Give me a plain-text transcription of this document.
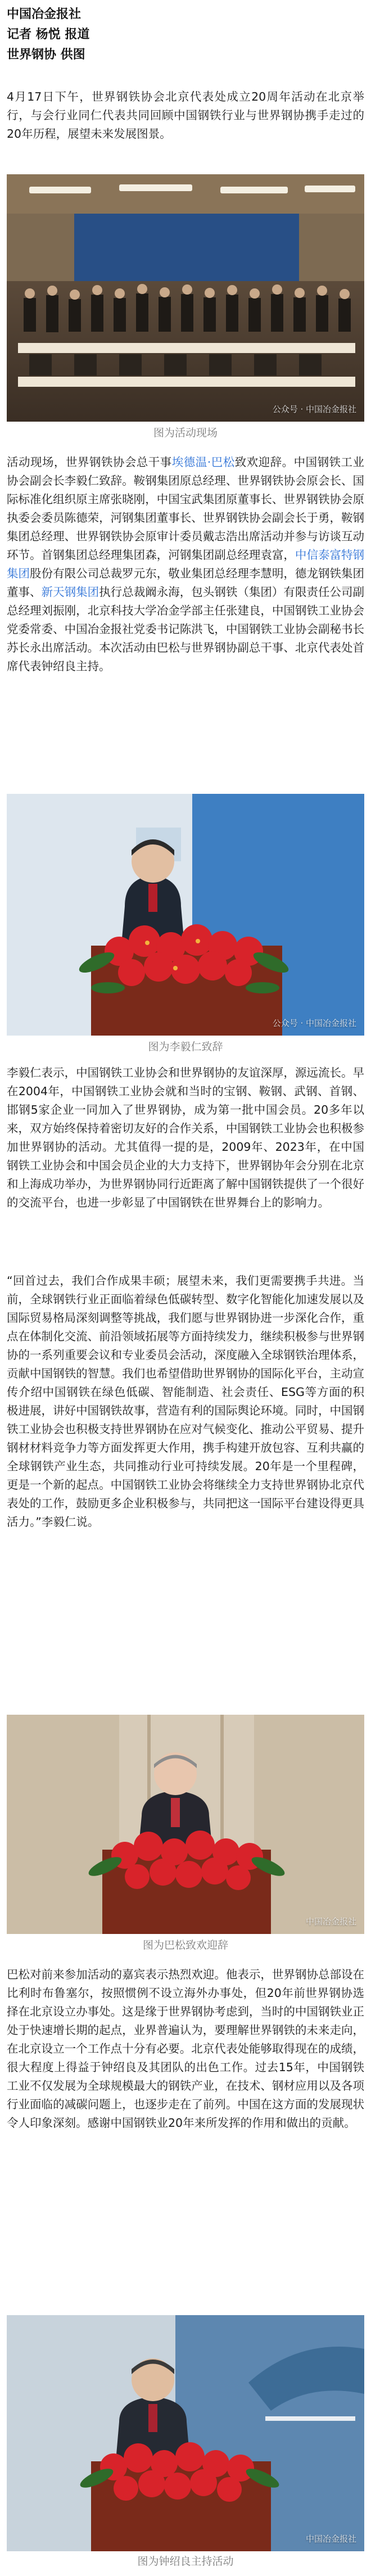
中国冶金报社
记者 杨悦 报道
世界钢协 供图

4月17日下午，世界钢铁协会北京代表处成立20周年活动在北京举行，与会行业同仁代表共同回顾中国钢铁行业与世界钢协携手走过的20年历程，展望未来发展图景。

公众号 · 中国冶金报社
图为活动现场

活动现场，世界钢铁协会总干事埃德温·巴松致欢迎辞。中国钢铁工业协会副会长李毅仁致辞。鞍钢集团原总经理、世界钢铁协会原会长、国际标准化组织原主席张晓刚，中国宝武集团原董事长、世界钢铁协会原执委会委员陈德荣，河钢集团董事长、世界钢铁协会副会长于勇，鞍钢集团总经理、世界钢铁协会原审计委员戴志浩出席活动并参与访谈互动环节。首钢集团总经理集团森，河钢集团副总经理袁富，中信泰富特钢集团股份有限公司总裁罗元东，敬业集团总经理李慧明，德龙钢铁集团董事、新天钢集团执行总裁阚永海，包头钢铁（集团）有限责任公司副总经理刘振刚，北京科技大学冶金学部主任张建良，中国钢铁工业协会党委常委、中国冶金报社党委书记陈洪飞，中国钢铁工业协会副秘书长苏长永出席活动。本次活动由巴松与世界钢协副总干事、北京代表处首席代表钟绍良主持。

公众号 · 中国冶金报社
图为李毅仁致辞

李毅仁表示，中国钢铁工业协会和世界钢协的友谊深厚，源远流长。早在2004年，中国钢铁工业协会就和当时的宝钢、鞍钢、武钢、首钢、邯钢5家企业一同加入了世界钢协，成为第一批中国会员。20多年以来，双方始终保持着密切友好的合作关系，中国钢铁工业协会也积极参加世界钢协的活动。尤其值得一提的是，2009年、2023年，在中国钢铁工业协会和中国会员企业的大力支持下，世界钢协年会分别在北京和上海成功举办，为世界钢协同行近距离了解中国钢铁提供了一个很好的交流平台，也进一步彰显了中国钢铁在世界舞台上的影响力。

“回首过去，我们合作成果丰硕；展望未来，我们更需要携手共进。当前，全球钢铁行业正面临着绿色低碳转型、数字化智能化加速发展以及国际贸易格局深刻调整等挑战，我们愿与世界钢协进一步深化合作，重点在体制化交流、前沿领域拓展等方面持续发力，继续积极参与世界钢协的一系列重要会议和专业委员会活动，深度融入全球钢铁治理体系，贡献中国钢铁的智慧。我们也希望借助世界钢协的国际化平台，主动宣传介绍中国钢铁在绿色低碳、智能制造、社会责任、ESG等方面的积极进展，讲好中国钢铁故事，营造有利的国际舆论环境。同时，中国钢铁工业协会也积极支持世界钢协在应对气候变化、推动公平贸易、提升钢材材料竞争力等方面发挥更大作用，携手构建开放包容、互利共赢的全球钢铁产业生态，共同推动行业可持续发展。20年是一个里程碑，更是一个新的起点。中国钢铁工业协会将继续全力支持世界钢协北京代表处的工作，鼓励更多企业积极参与，共同把这一国际平台建设得更具活力。”李毅仁说。

中国冶金报社
图为巴松致欢迎辞

巴松对前来参加活动的嘉宾表示热烈欢迎。他表示，世界钢协总部设在比利时布鲁塞尔，按照惯例不设立海外办事处，但20年前世界钢协选择在北京设立办事处。这是缘于世界钢协考虑到，当时的中国钢铁业正处于快速增长期的起点，业界普遍认为，要理解世界钢铁的未来走向，在北京设立一个工作点十分有必要。北京代表处能够取得现在的成绩，很大程度上得益于钟绍良及其团队的出色工作。过去15年，中国钢铁工业不仅发展为全球规模最大的钢铁产业，在技术、钢材应用以及各项行业面临的减碳问题上，也逐步走在了前列。中国在这方面的发展现状令人印象深刻。感谢中国钢铁业20年来所发挥的作用和做出的贡献。

中国冶金报社
图为钟绍良主持活动
